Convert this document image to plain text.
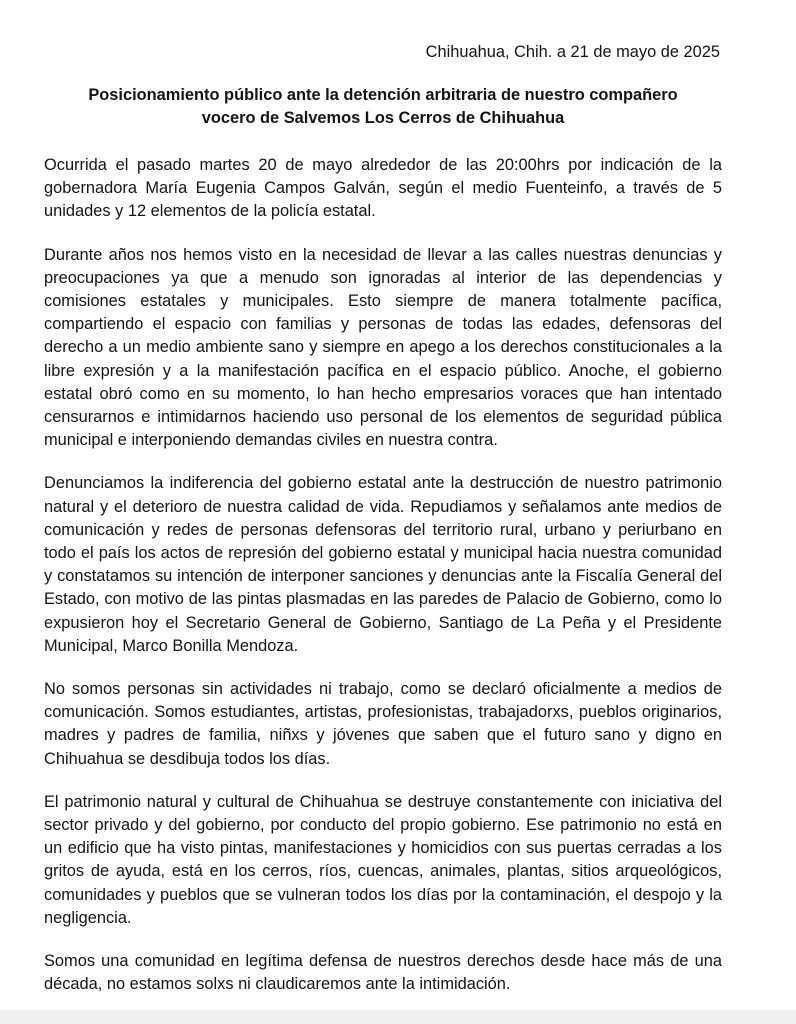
Chihuahua, Chih. a 21 de mayo de 2025
Posicionamiento público ante la detención arbitraria de nuestro compañero
vocero de Salvemos Los Cerros de Chihuahua

Ocurrida el pasado martes 20 de mayo alrededor de las 20:00hrs por indicación de la gobernadora María Eugenia Campos Galván, según el medio Fuenteinfo, a través de 5 unidades y 12 elementos de la policía estatal.

Durante años nos hemos visto en la necesidad de llevar a las calles nuestras denuncias y preocupaciones ya que a menudo son ignoradas al interior de las dependencias y comisiones estatales y municipales. Esto siempre de manera totalmente pacífica, compartiendo el espacio con familias y personas de todas las edades, defensoras del derecho a un medio ambiente sano y siempre en apego a los derechos constitucionales a la libre expresión y a la manifestación pacífica en el espacio público. Anoche, el gobierno estatal obró como en su momento, lo han hecho empresarios voraces que han intentado censurarnos e intimidarnos haciendo uso personal de los elementos de seguridad pública municipal e interponiendo demandas civiles en nuestra contra.

Denunciamos la indiferencia del gobierno estatal ante la destrucción de nuestro patrimonio natural y el deterioro de nuestra calidad de vida. Repudiamos y señalamos ante medios de comunicación y redes de personas defensoras del territorio rural, urbano y periurbano en todo el país los actos de represión del gobierno estatal y municipal hacia nuestra comunidad y constatamos su intención de interponer sanciones y denuncias ante la Fiscalía General del Estado, con motivo de las pintas plasmadas en las paredes de Palacio de Gobierno, como lo expusieron hoy el Secretario General de Gobierno, Santiago de La Peña y el Presidente Municipal, Marco Bonilla Mendoza.

No somos personas sin actividades ni trabajo, como se declaró oficialmente a medios de comunicación. Somos estudiantes, artistas, profesionistas, trabajadorxs, pueblos originarios, madres y padres de familia, niñxs y jóvenes que saben que el futuro sano y digno en Chihuahua se desdibuja todos los días.

El patrimonio natural y cultural de Chihuahua se destruye constantemente con iniciativa del sector privado y del gobierno, por conducto del propio gobierno. Ese patrimonio no está en un edificio que ha visto pintas, manifestaciones y homicidios con sus puertas cerradas a los gritos de ayuda, está en los cerros, ríos, cuencas, animales, plantas, sitios arqueológicos, comunidades y pueblos que se vulneran todos los días por la contaminación, el despojo y la negligencia.

Somos una comunidad en legítima defensa de nuestros derechos desde hace más de una década, no estamos solxs ni claudicaremos ante la intimidación.
